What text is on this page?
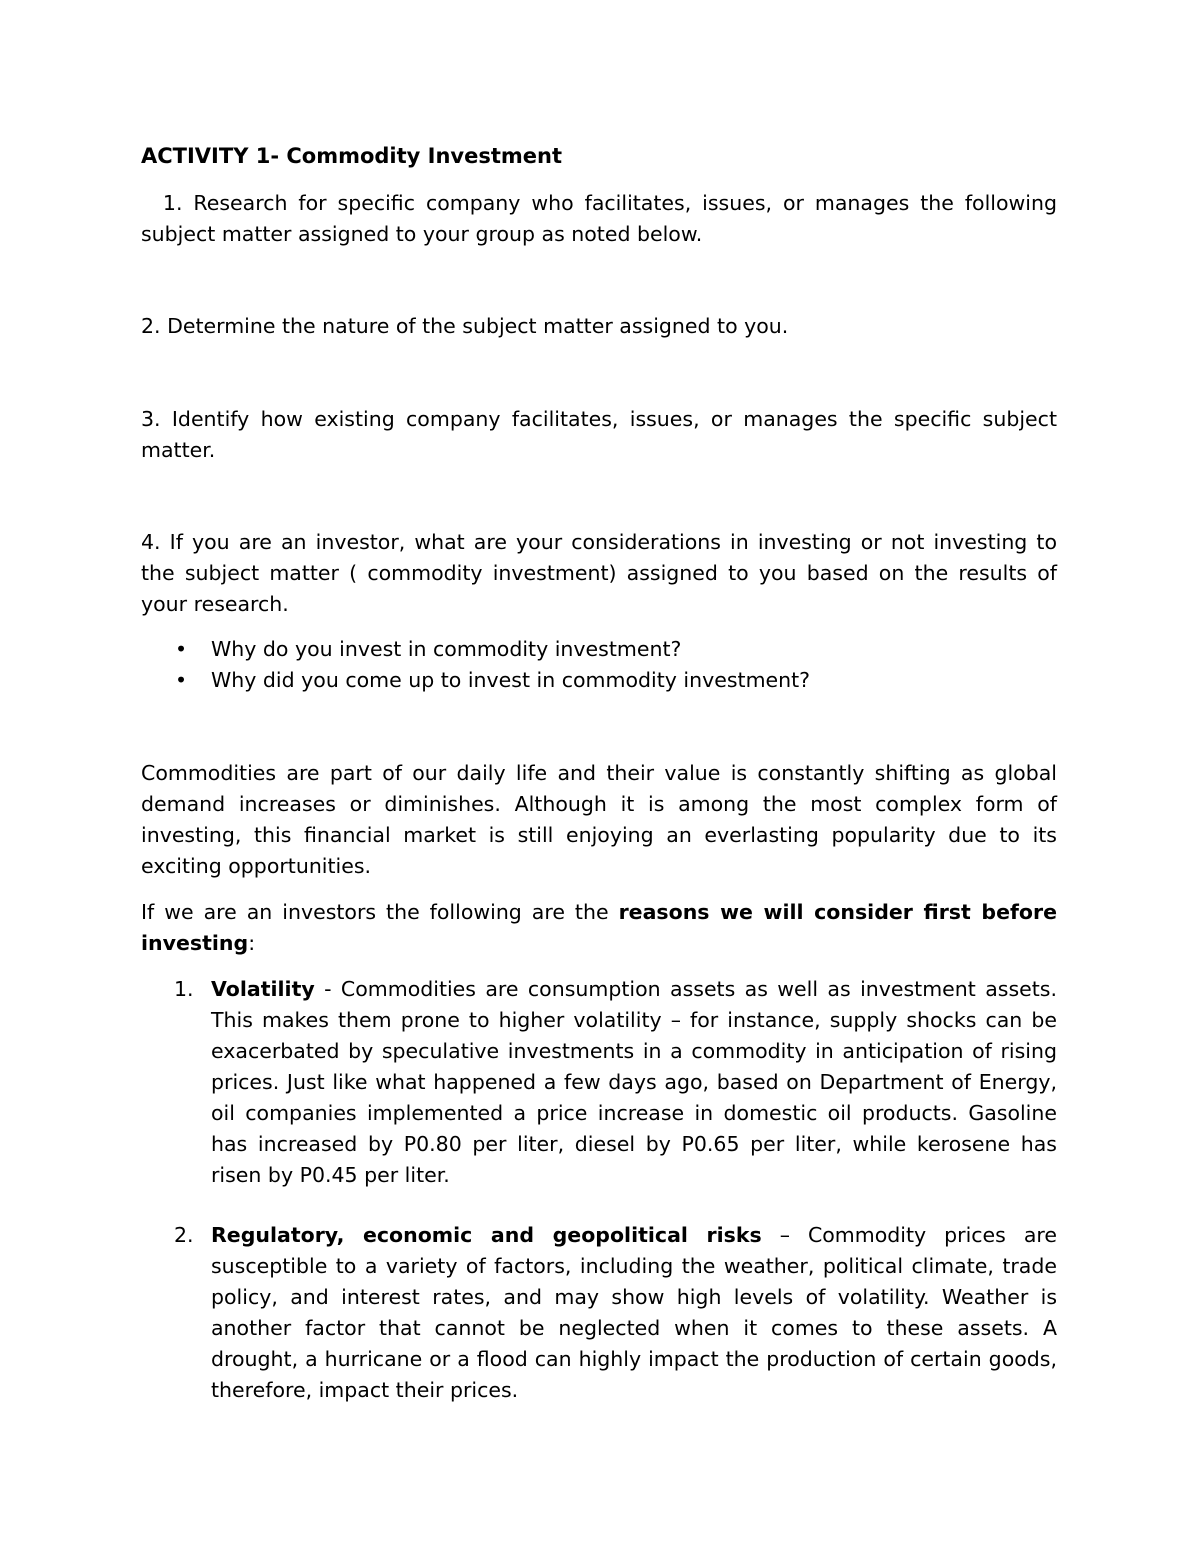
ACTIVITY 1- Commodity Investment

1. Research for specific company who facilitates, issues, or manages the following subject matter assigned to your group as noted below.

2. Determine the nature of the subject matter assigned to you.

3. Identify how existing company facilitates, issues, or manages the specific subject matter.

4. If you are an investor, what are your considerations in investing or not investing to the subject matter ( commodity investment) assigned to you based on the results of your research.

• Why do you invest in commodity investment?
• Why did you come up to invest in commodity investment?

Commodities are part of our daily life and their value is constantly shifting as global demand increases or diminishes. Although it is among the most complex form of investing, this financial market is still enjoying an everlasting popularity due to its exciting opportunities.

If we are an investors the following are the reasons we will consider first before investing:

1. Volatility - Commodities are consumption assets as well as investment assets. This makes them prone to higher volatility – for instance, supply shocks can be exacerbated by speculative investments in a commodity in anticipation of rising prices. Just like what happened a few days ago, based on Department of Energy, oil companies implemented a price increase in domestic oil products. Gasoline has increased by P0.80 per liter, diesel by P0.65 per liter, while kerosene has risen by P0.45 per liter.
2. Regulatory, economic and geopolitical risks – Commodity prices are susceptible to a variety of factors, including the weather, political climate, trade policy, and interest rates, and may show high levels of volatility. Weather is another factor that cannot be neglected when it comes to these assets. A drought, a hurricane or a flood can highly impact the production of certain goods, therefore, impact their prices.
